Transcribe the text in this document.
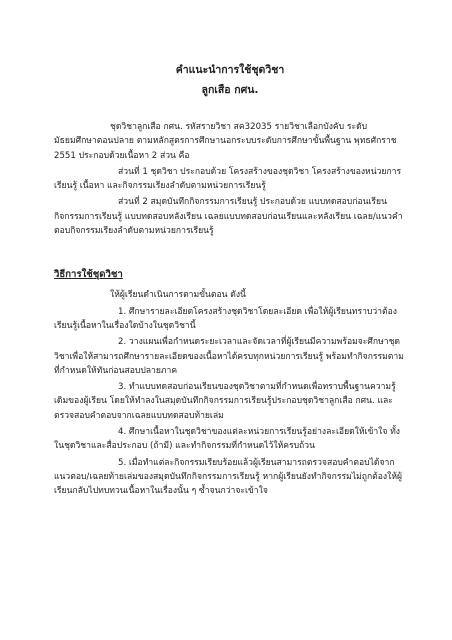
คำแนะนำการใช้ชุดวิชา
ลูกเสือ กศน.

ชุดวิชาลูกเสือ กศน. รหัสรายวิชา สค32035 รายวิชาเลือกบังคับ ระดับมัธยมศึกษาตอนปลาย ตามหลักสูตรการศึกษานอกระบบระดับการศึกษาขั้นพื้นฐาน พุทธศักราช 2551 ประกอบด้วยเนื้อหา 2 ส่วน คือ

ส่วนที่ 1 ชุดวิชา ประกอบด้วย โครงสร้างของชุดวิชา โครงสร้างของหน่วยการเรียนรู้ เนื้อหา และกิจกรรมเรียงลำดับตามหน่วยการเรียนรู้

ส่วนที่ 2 สมุดบันทึกกิจกรรมการเรียนรู้ ประกอบด้วย แบบทดสอบก่อนเรียน กิจกรรมการเรียนรู้ แบบทดสอบหลังเรียน เฉลยแบบทดสอบก่อนเรียนและหลังเรียน เฉลย/แนวคำตอบกิจกรรมเรียงลำดับตามหน่วยการเรียนรู้

วิธีการใช้ชุดวิชา

ให้ผู้เรียนดำเนินการตามขั้นตอน ดังนี้

1. ศึกษารายละเอียดโครงสร้างชุดวิชาโดยละเอียด เพื่อให้ผู้เรียนทราบว่าต้องเรียนรู้เนื้อหาในเรื่องใดบ้างในชุดวิชานี้

2. วางแผนเพื่อกำหนดระยะเวลาและจัดเวลาที่ผู้เรียนมีความพร้อมจะศึกษาชุดวิชาเพื่อให้สามารถศึกษารายละเอียดของเนื้อหาได้ครบทุกหน่วยการเรียนรู้ พร้อมทำกิจกรรมตามที่กำหนดให้ทันก่อนสอบปลายภาค

3. ทำแบบทดสอบก่อนเรียนของชุดวิชาตามที่กำหนดเพื่อทราบพื้นฐานความรู้เดิมของผู้เรียน โดยให้ทำลงในสมุดบันทึกกิจกรรมการเรียนรู้ประกอบชุดวิชาลูกเสือ กศน. และตรวจสอบคำตอบจากเฉลยแบบทดสอบท้ายเล่ม

4. ศึกษาเนื้อหาในชุดวิชาของแต่ละหน่วยการเรียนรู้อย่างละเอียดให้เข้าใจ ทั้งในชุดวิชาและสื่อประกอบ (ถ้ามี) และทำกิจกรรมที่กำหนดไว้ให้ครบถ้วน

5. เมื่อทำแต่ละกิจกรรมเรียบร้อยแล้วผู้เรียนสามารถตรวจสอบคำตอบได้จากแนวตอบ/เฉลยท้ายเล่มของสมุดบันทึกกิจกรรมการเรียนรู้ หากผู้เรียนยังทำกิจกรรมไม่ถูกต้องให้ผู้เรียนกลับไปทบทวนเนื้อหาในเรื่องนั้น ๆ ซ้ำจนกว่าจะเข้าใจ
